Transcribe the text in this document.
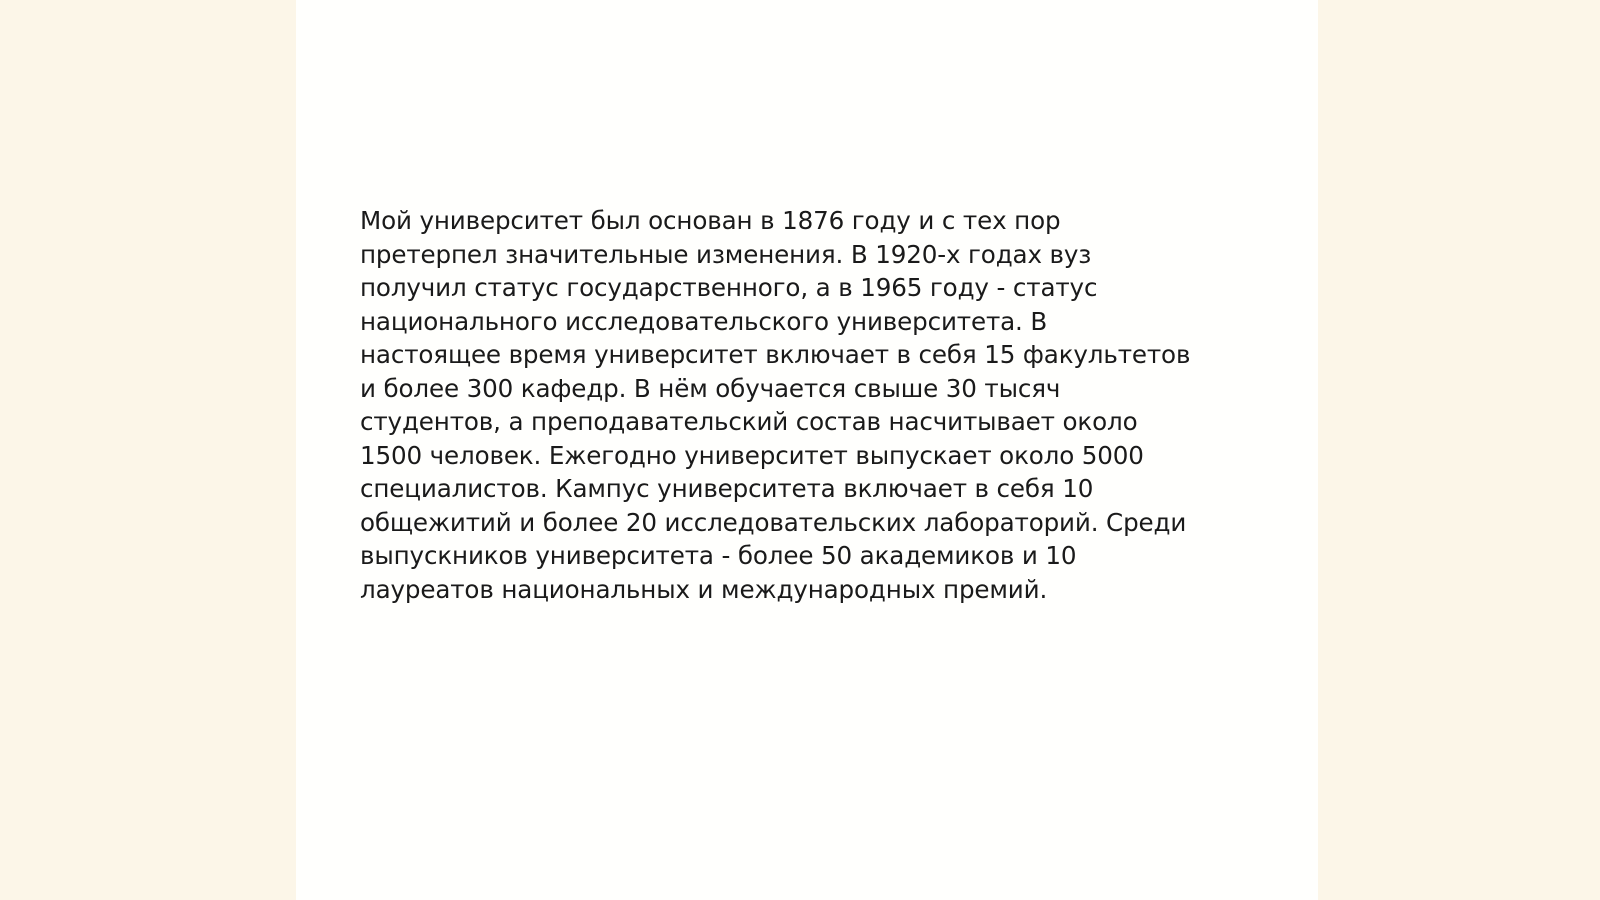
Мой университет был основан в 1876 году и с тех пор
претерпел значительные изменения. В 1920-х годах вуз
получил статус государственного, а в 1965 году - статус
национального исследовательского университета. В
настоящее время университет включает в себя 15 факультетов
и более 300 кафедр. В нём обучается свыше 30 тысяч
студентов, а преподавательский состав насчитывает около
1500 человек. Ежегодно университет выпускает около 5000
специалистов. Кампус университета включает в себя 10
общежитий и более 20 исследовательских лабораторий. Среди
выпускников университета - более 50 академиков и 10
лауреатов национальных и международных премий.
